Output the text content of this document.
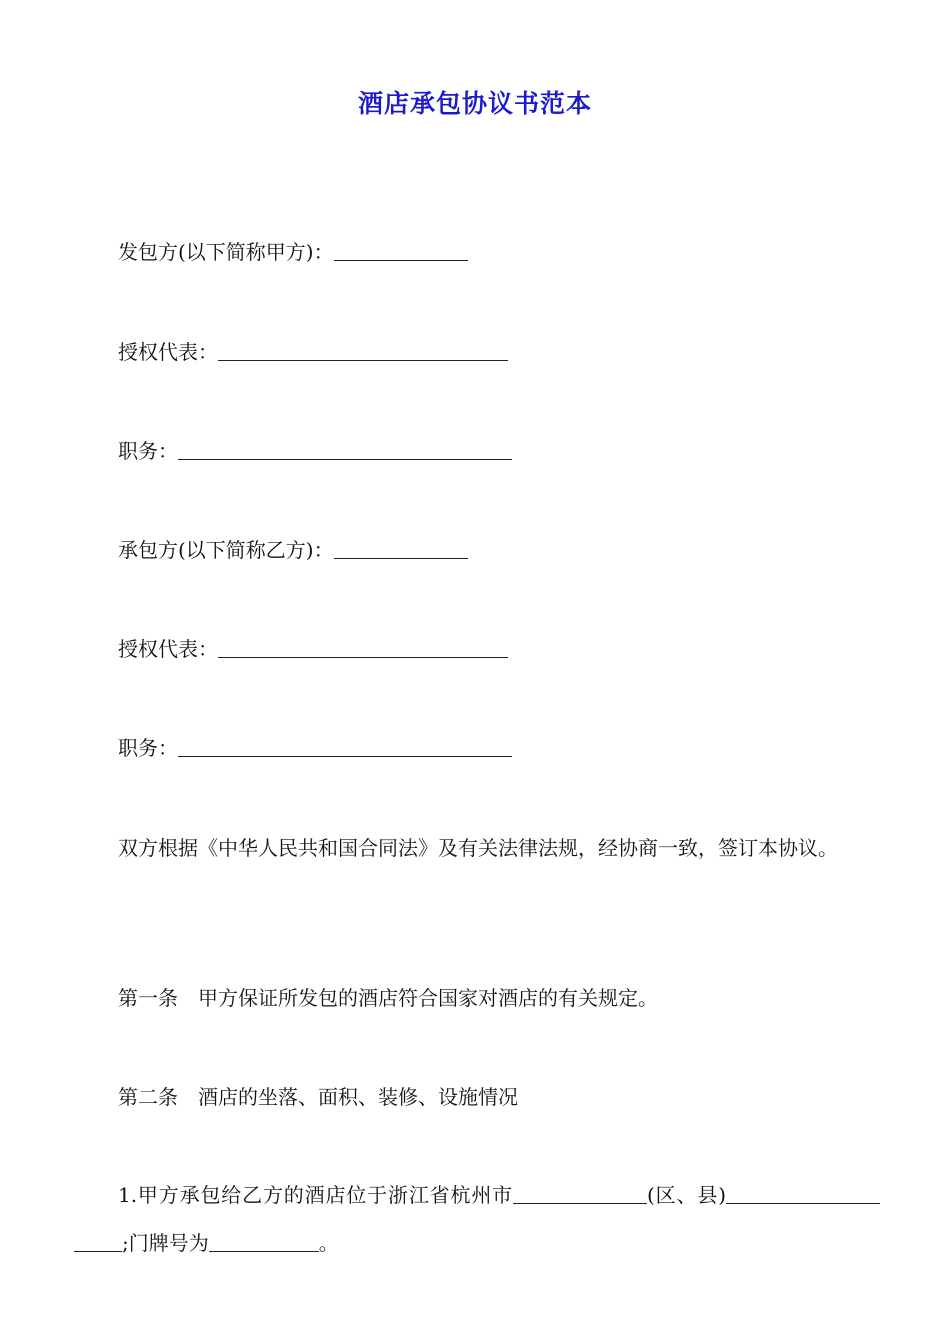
酒店承包协议书范本
发包方(以下简称甲方)：
授权代表：
职务：
承包方(以下简称乙方)：
授权代表：
职务：
双方根据《中华人民共和国合同法》及有关法律法规，经协商一致，签订本协议。
第一条　甲方保证所发包的酒店符合国家对酒店的有关规定。
第二条　酒店的坐落、面积、装修、设施情况
1.甲方承包给乙方的酒店位于浙江省杭州市	(区、县);门牌号为	。
